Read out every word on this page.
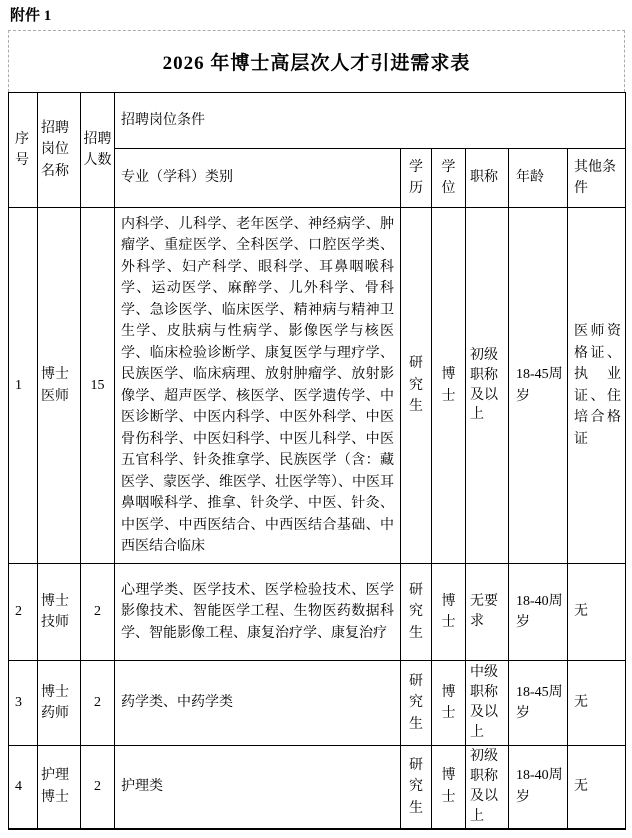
附件 1
2026 年博士高层次人才引进需求表
序号	招聘岗位名称	招聘人数	招聘岗位条件					
			专业（学科）类别	学历	学位	职称	年龄	其他条件
1	博士医师	15	内科学、儿科学、老年医学、神经病学、肿瘤学、重症医学、全科医学、口腔医学类、外科学、妇产科学、眼科学、耳鼻咽喉科学、运动医学、麻醉学、儿外科学、骨科学、急诊医学、临床医学、精神病与精神卫生学、皮肤病与性病学、影像医学与核医学、临床检验诊断学、康复医学与理疗学、民族医学、临床病理、放射肿瘤学、放射影像学、超声医学、核医学、医学遗传学、中医诊断学、中医内科学、中医外科学、中医骨伤科学、中医妇科学、中医儿科学、中医五官科学、针灸推拿学、民族医学（含：藏医学、蒙医学、维医学、壮医学等）、中医耳鼻咽喉科学、推拿、针灸学、中医、针灸、中医学、中西医结合、中西医结合基础、中西医结合临床	研究生	博士	初级职称及以上	18-45周岁	医师资格证、执业证、住培合格证
2	博士技师	2	心理学类、医学技术、医学检验技术、医学影像技术、智能医学工程、生物医药数据科学、智能影像工程、康复治疗学、康复治疗	研究生	博士	无要求	18-40周岁	无
3	博士药师	2	药学类、中药学类	研究生	博士	中级职称及以上	18-45周岁	无
4	护理博士	2	护理类	研究生	博士	初级职称及以上	18-40周岁	无
